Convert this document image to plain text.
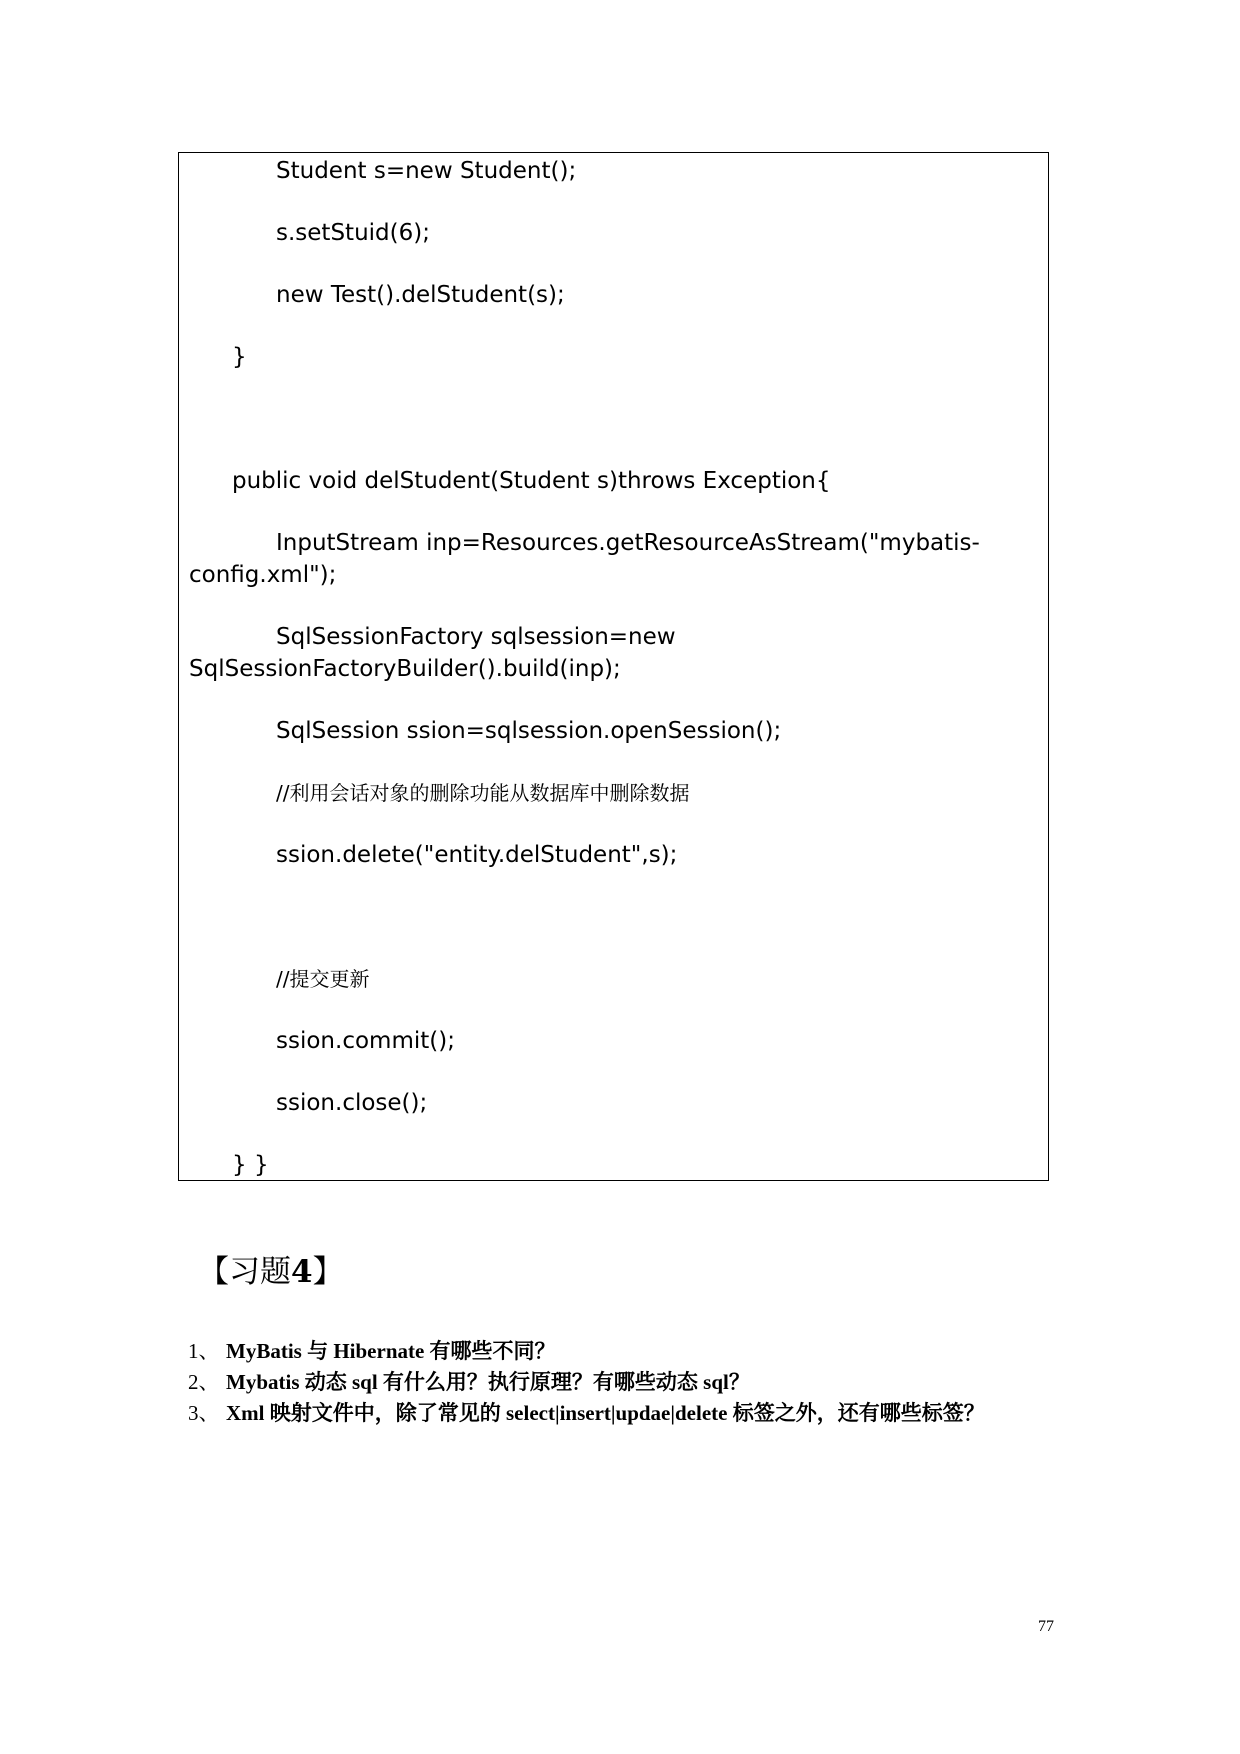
Student s=new Student();
s.setStuid(6);
new Test().delStudent(s);
}
public void delStudent(Student s)throws Exception{
InputStream inp=Resources.getResourceAsStream("mybatis-
config.xml");
SqlSessionFactory sqlsession=new
SqlSessionFactoryBuilder().build(inp);
SqlSession ssion=sqlsession.openSession();
//利用会话对象的删除功能从数据库中删除数据
ssion.delete("entity.delStudent",s);
//提交更新
ssion.commit();
ssion.close();
} }
【习题4】
1、 MyBatis 与 Hibernate 有哪些不同？
2、 Mybatis 动态 sql 有什么用？执行原理？有哪些动态 sql？
3、 Xml 映射文件中，除了常见的 select|insert|updae|delete 标签之外，还有哪些标签？
77
